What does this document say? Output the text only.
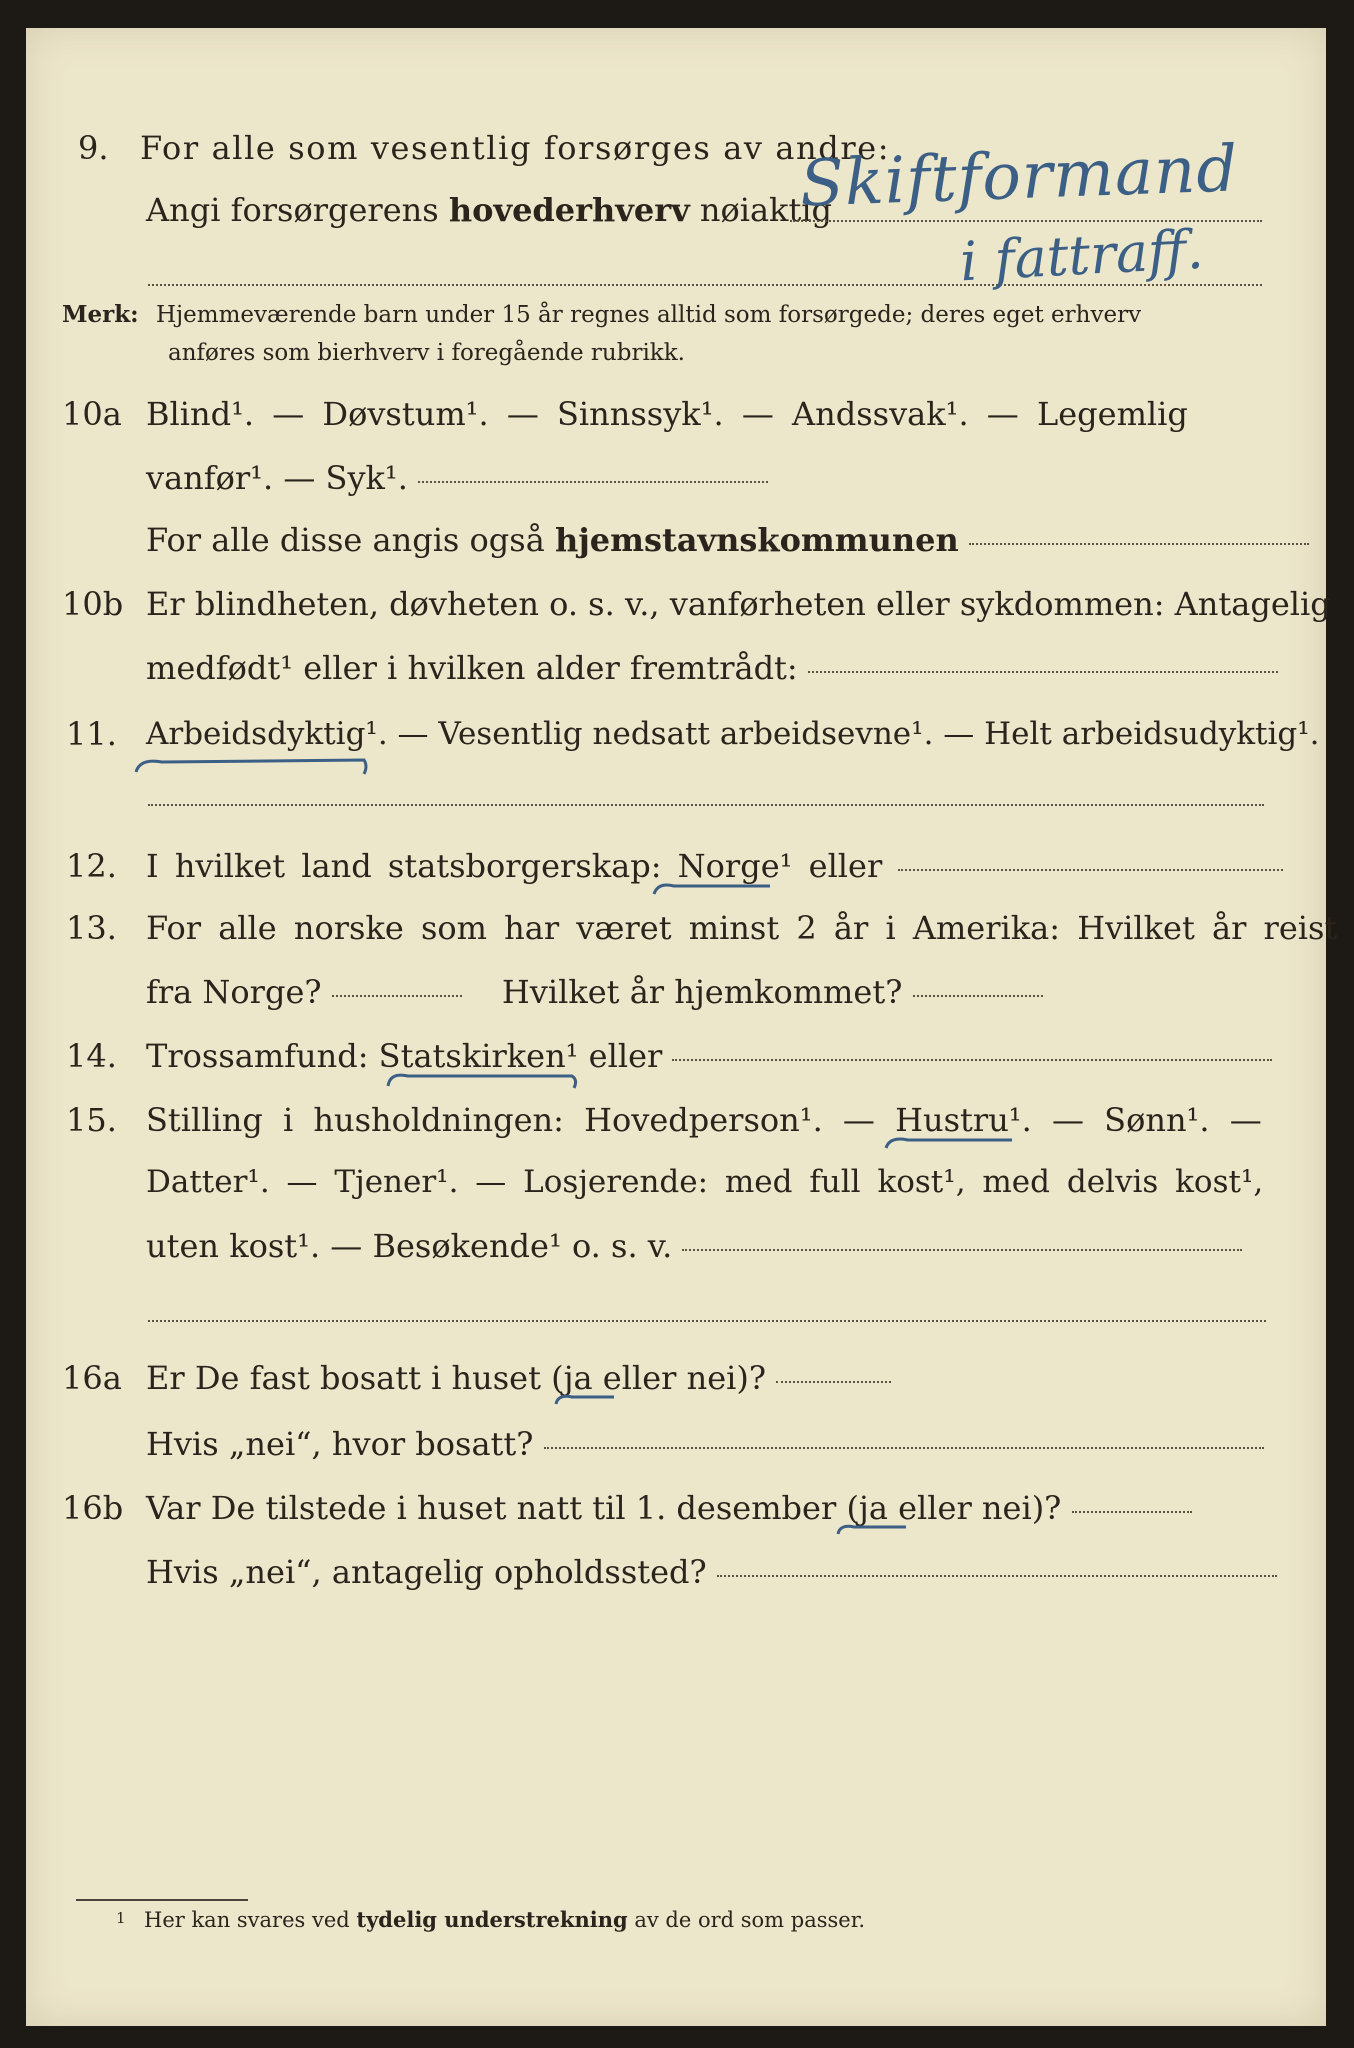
9. For alle som vesentlig forsørges av andre:
Angi forsørgerens hovederhverv nøiaktig
Skiftformand
i fattraff.
Merk: Hjemmeværende barn under 15 år regnes alltid som forsørgede; deres eget erhverv
anføres som bierhverv i foregående rubrikk.
10a Blind¹. — Døvstum¹. — Sinnssyk¹. — Andssvak¹. — Legemlig
vanfør¹. — Syk¹.
For alle disse angis også hjemstavnskommunen
10b Er blindheten, døvheten o. s. v., vanførheten eller sykdommen: Antagelig
medfødt¹ eller i hvilken alder fremtrådt:
11. Arbeidsdyktig¹. — Vesentlig nedsatt arbeidsevne¹. — Helt arbeidsudyktig¹.
12. I hvilket land statsborgerskap: Norge¹ eller
13. For alle norske som har været minst 2 år i Amerika: Hvilket år reist
fra Norge?	Hvilket år hjemkommet?
14. Trossamfund: Statskirken¹ eller
15. Stilling i husholdningen: Hovedperson¹. — Hustru¹. — Sønn¹. —
Datter¹. — Tjener¹. — Losjerende: med full kost¹, med delvis kost¹,
uten kost¹. — Besøkende¹ o. s. v.
16a Er De fast bosatt i huset (ja eller nei)?
Hvis „nei“, hvor bosatt?
16b Var De tilstede i huset natt til 1. desember (ja eller nei)?
Hvis „nei“, antagelig opholdssted?
1 Her kan svares ved tydelig understrekning av de ord som passer.
